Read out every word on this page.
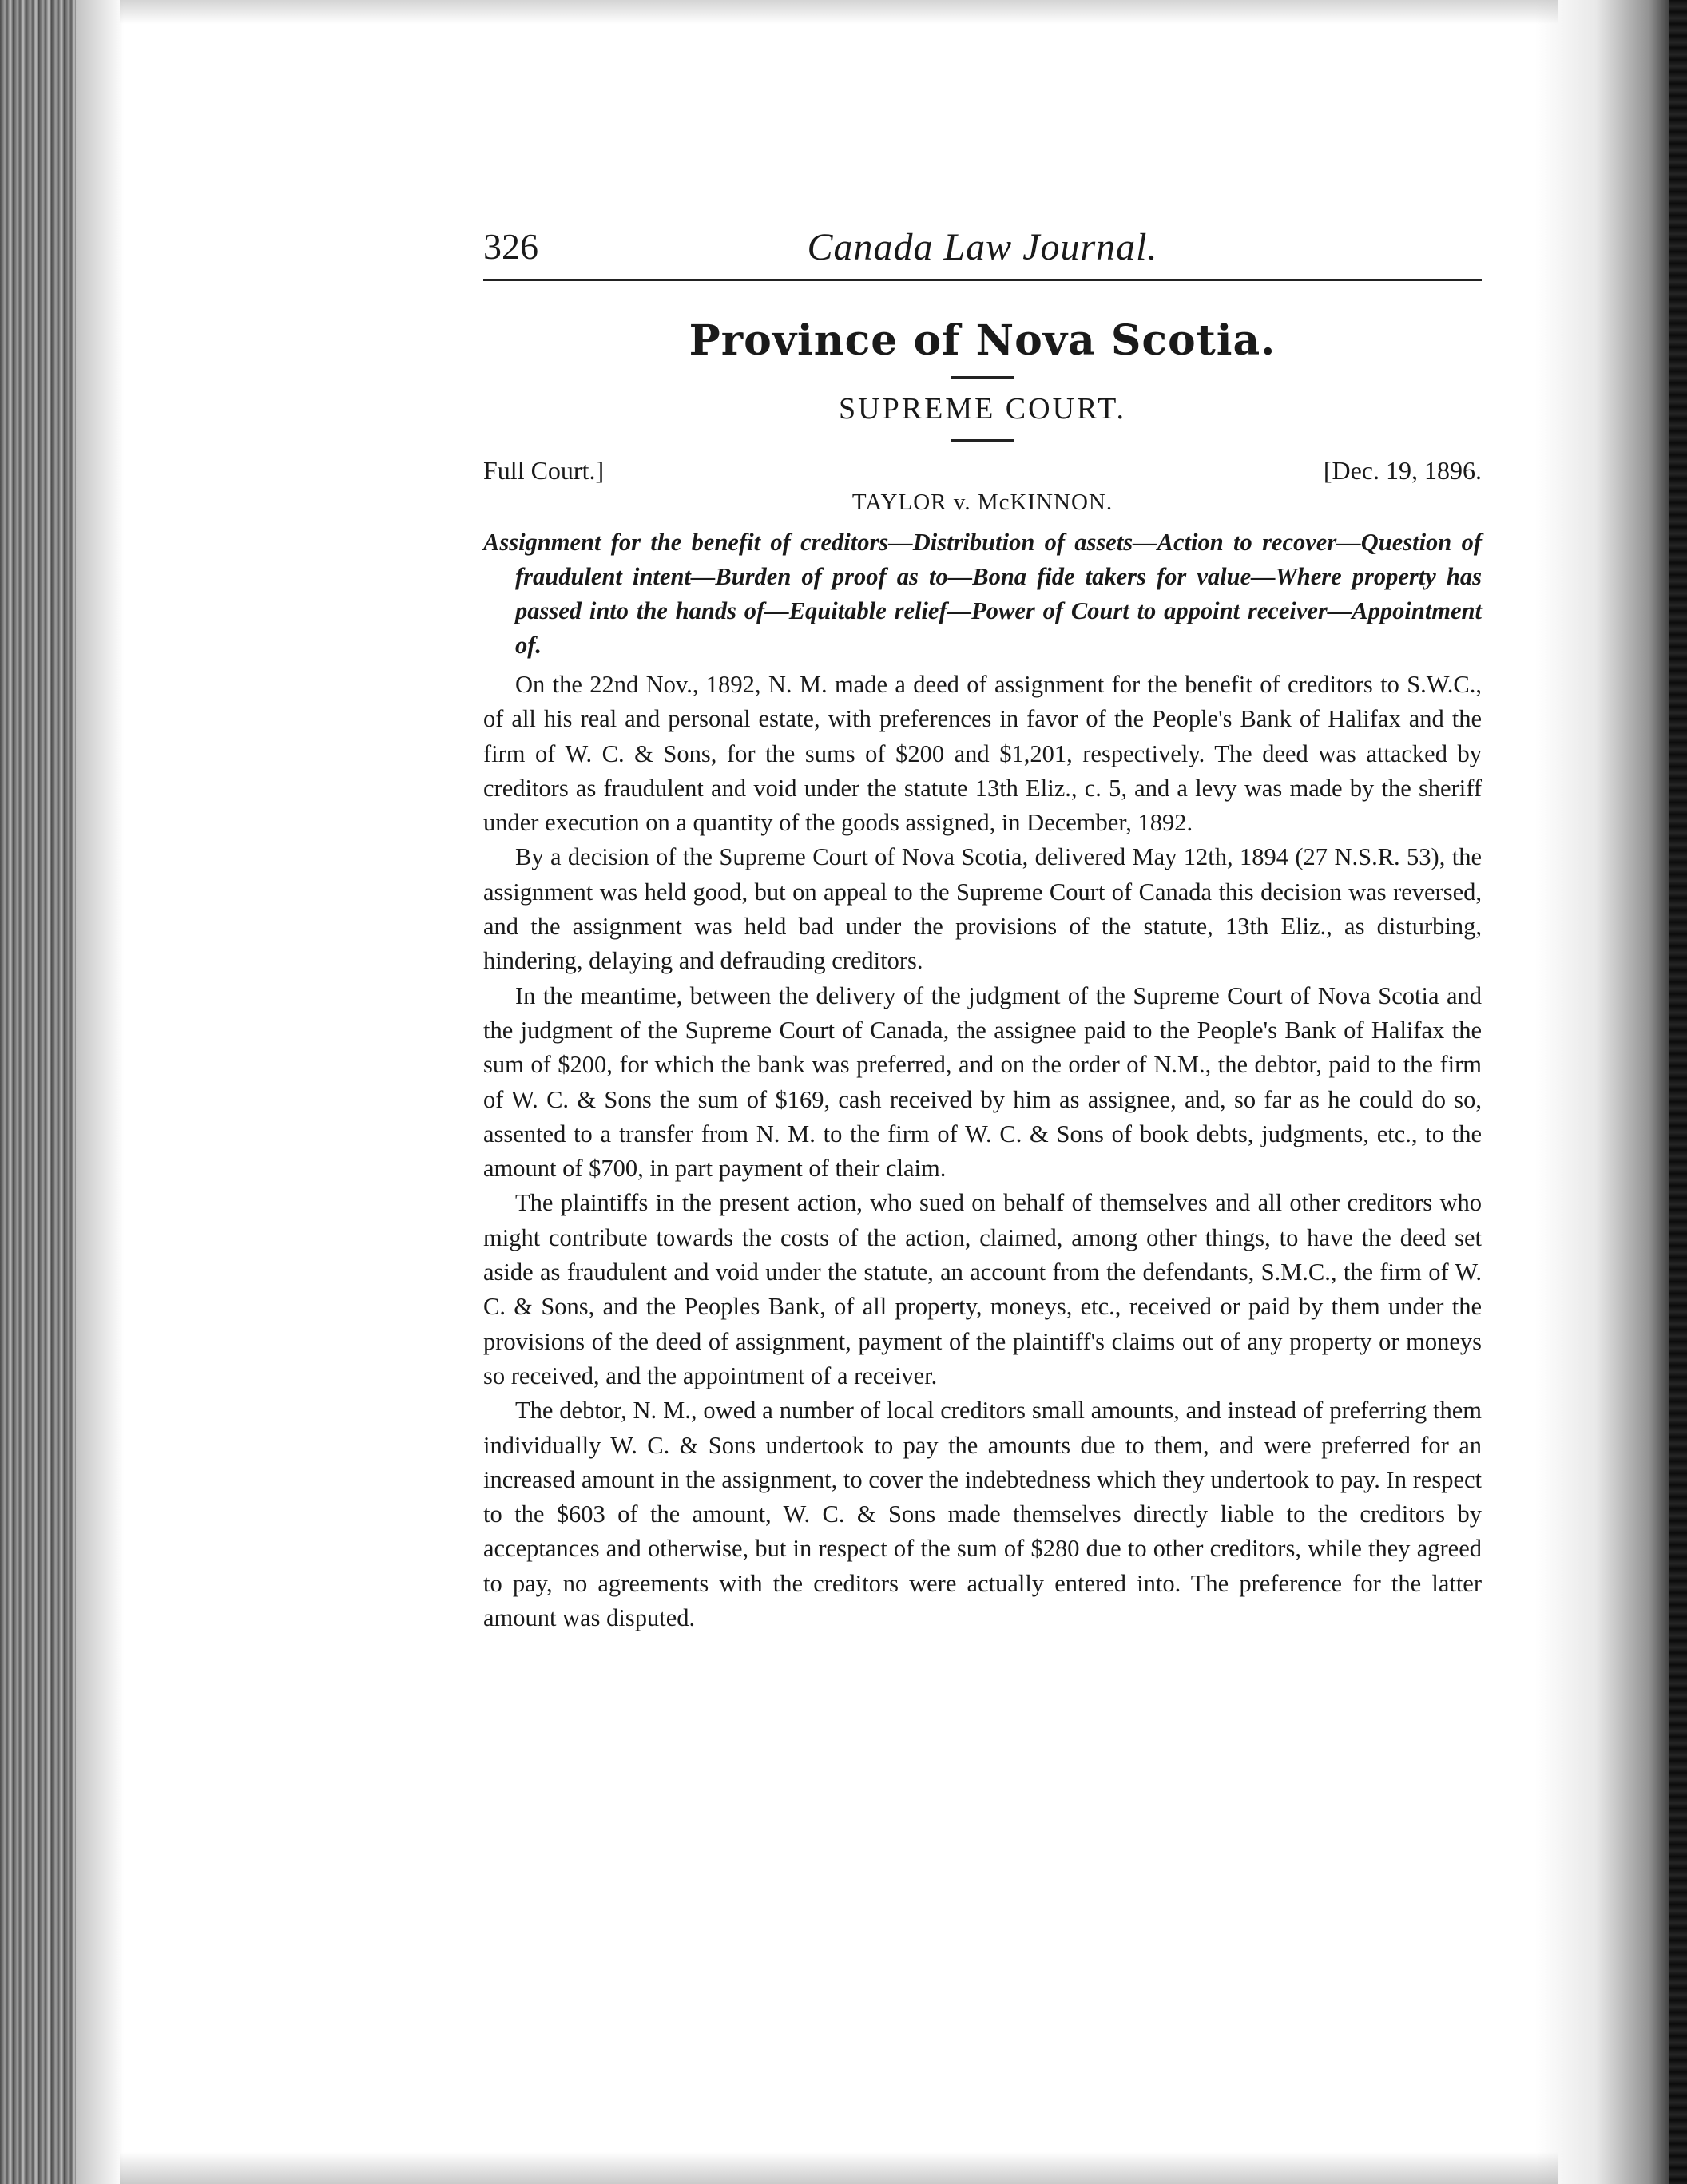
326	Canada Law Journal.
Province of Nova Scotia.
SUPREME COURT.
Full Court.]	[Dec. 19, 1896.
TAYLOR v. McKINNON.
Assignment for the benefit of creditors—Distribution of assets—Action to recover—Question of fraudulent intent—Burden of proof as to—Bona fide takers for value—Where property has passed into the hands of—Equitable relief—Power of Court to appoint receiver—Appointment of.

On the 22nd Nov., 1892, N. M. made a deed of assignment for the benefit of creditors to S.W.C., of all his real and personal estate, with preferences in favor of the People's Bank of Halifax and the firm of W. C. & Sons, for the sums of $200 and $1,201, respectively. The deed was attacked by creditors as fraudulent and void under the statute 13th Eliz., c. 5, and a levy was made by the sheriff under execution on a quantity of the goods assigned, in December, 1892.

By a decision of the Supreme Court of Nova Scotia, delivered May 12th, 1894 (27 N.S.R. 53), the assignment was held good, but on appeal to the Supreme Court of Canada this decision was reversed, and the assignment was held bad under the provisions of the statute, 13th Eliz., as disturbing, hindering, delaying and defrauding creditors.

In the meantime, between the delivery of the judgment of the Supreme Court of Nova Scotia and the judgment of the Supreme Court of Canada, the assignee paid to the People's Bank of Halifax the sum of $200, for which the bank was preferred, and on the order of N.M., the debtor, paid to the firm of W. C. & Sons the sum of $169, cash received by him as assignee, and, so far as he could do so, assented to a transfer from N. M. to the firm of W. C. & Sons of book debts, judgments, etc., to the amount of $700, in part payment of their claim.

The plaintiffs in the present action, who sued on behalf of themselves and all other creditors who might contribute towards the costs of the action, claimed, among other things, to have the deed set aside as fraudulent and void under the statute, an account from the defendants, S.M.C., the firm of W. C. & Sons, and the Peoples Bank, of all property, moneys, etc., received or paid by them under the provisions of the deed of assignment, payment of the plaintiff's claims out of any property or moneys so received, and the appointment of a receiver.

The debtor, N. M., owed a number of local creditors small amounts, and instead of preferring them individually W. C. & Sons undertook to pay the amounts due to them, and were preferred for an increased amount in the assignment, to cover the indebtedness which they undertook to pay. In respect to the $603 of the amount, W. C. & Sons made themselves directly liable to the creditors by acceptances and otherwise, but in respect of the sum of $280 due to other creditors, while they agreed to pay, no agreements with the creditors were actually entered into. The preference for the latter amount was disputed.
